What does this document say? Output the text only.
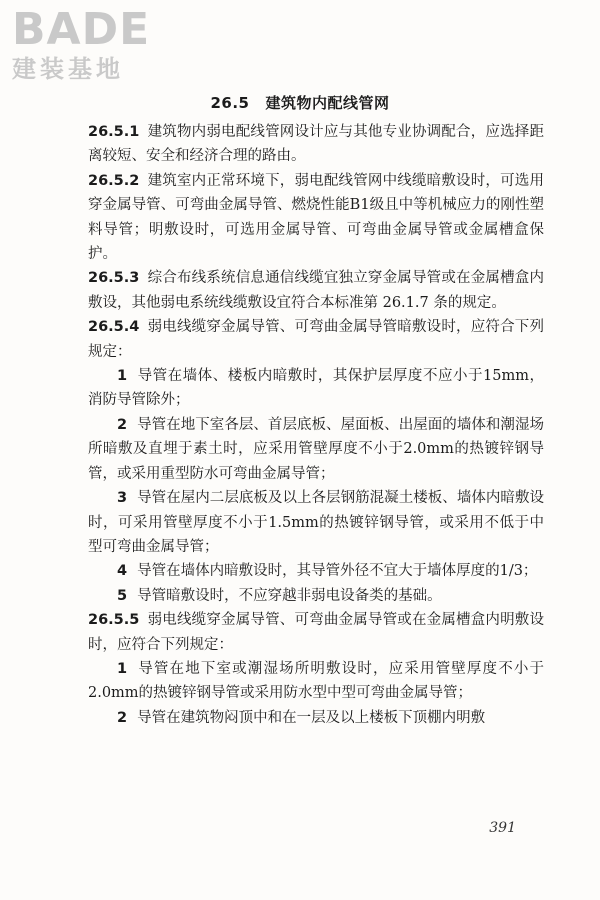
BADE
建装基地
26.5 建筑物内配线管网

26.5.1 建筑物内弱电配线管网设计应与其他专业协调配合，应选择距离较短、安全和经济合理的路由。

26.5.2 建筑室内正常环境下，弱电配线管网中线缆暗敷设时，可选用穿金属导管、可弯曲金属导管、燃烧性能B1级且中等机械应力的刚性塑料导管；明敷设时，可选用金属导管、可弯曲金属导管或金属槽盒保护。

26.5.3 综合布线系统信息通信线缆宜独立穿金属导管或在金属槽盒内敷设，其他弱电系统线缆敷设宜符合本标准第 26.1.7 条的规定。

26.5.4 弱电线缆穿金属导管、可弯曲金属导管暗敷设时，应符合下列规定：

1 导管在墙体、楼板内暗敷时，其保护层厚度不应小于15mm，消防导管除外；

2 导管在地下室各层、首层底板、屋面板、出屋面的墙体和潮湿场所暗敷及直埋于素土时，应采用管壁厚度不小于2.0mm的热镀锌钢导管，或采用重型防水可弯曲金属导管；

3 导管在屋内二层底板及以上各层钢筋混凝土楼板、墙体内暗敷设时，可采用管壁厚度不小于1.5mm的热镀锌钢导管，或采用不低于中型可弯曲金属导管；

4 导管在墙体内暗敷设时，其导管外径不宜大于墙体厚度的1/3；

5 导管暗敷设时，不应穿越非弱电设备类的基础。

26.5.5 弱电线缆穿金属导管、可弯曲金属导管或在金属槽盒内明敷设时，应符合下列规定：

1 导管在地下室或潮湿场所明敷设时，应采用管壁厚度不小于2.0mm的热镀锌钢导管或采用防水型中型可弯曲金属导管；

2 导管在建筑物闷顶中和在一层及以上楼板下顶棚内明敷

391
